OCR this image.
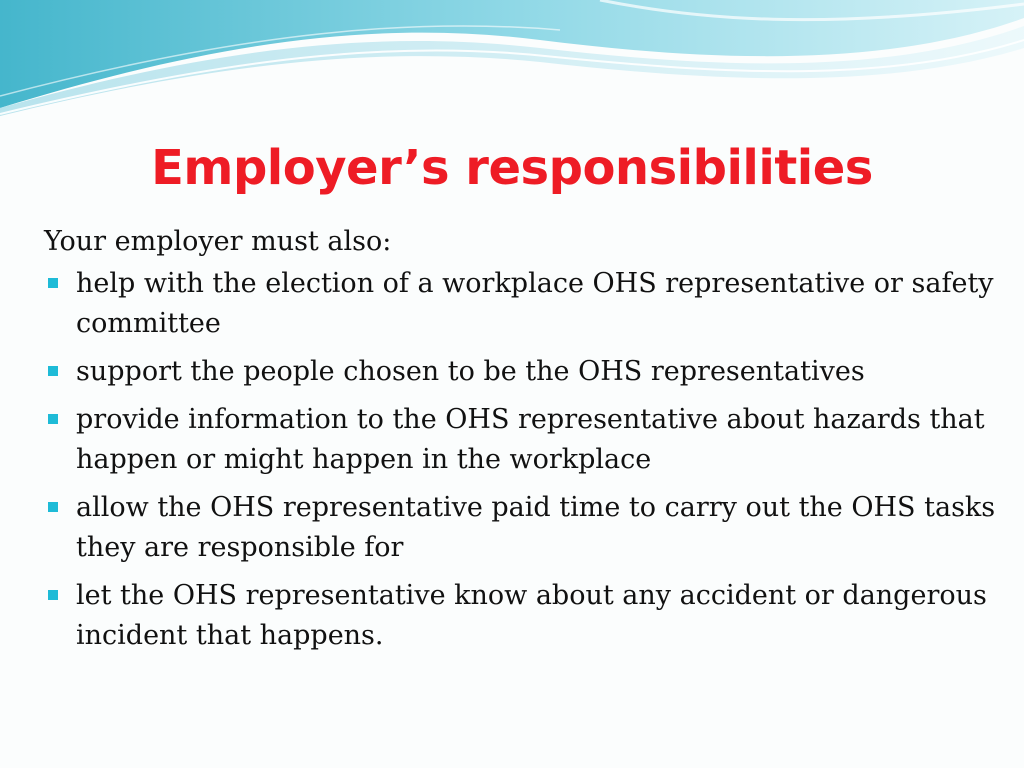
Employer’s responsibilities

Your employer must also:

help with the election of a workplace OHS representative or safety committee
support the people chosen to be the OHS representatives
provide information to the OHS representative about hazards that happen or might happen in the workplace
allow the OHS representative paid time to carry out the OHS tasks they are responsible for
let the OHS representative know about any accident or dangerous incident that happens.
